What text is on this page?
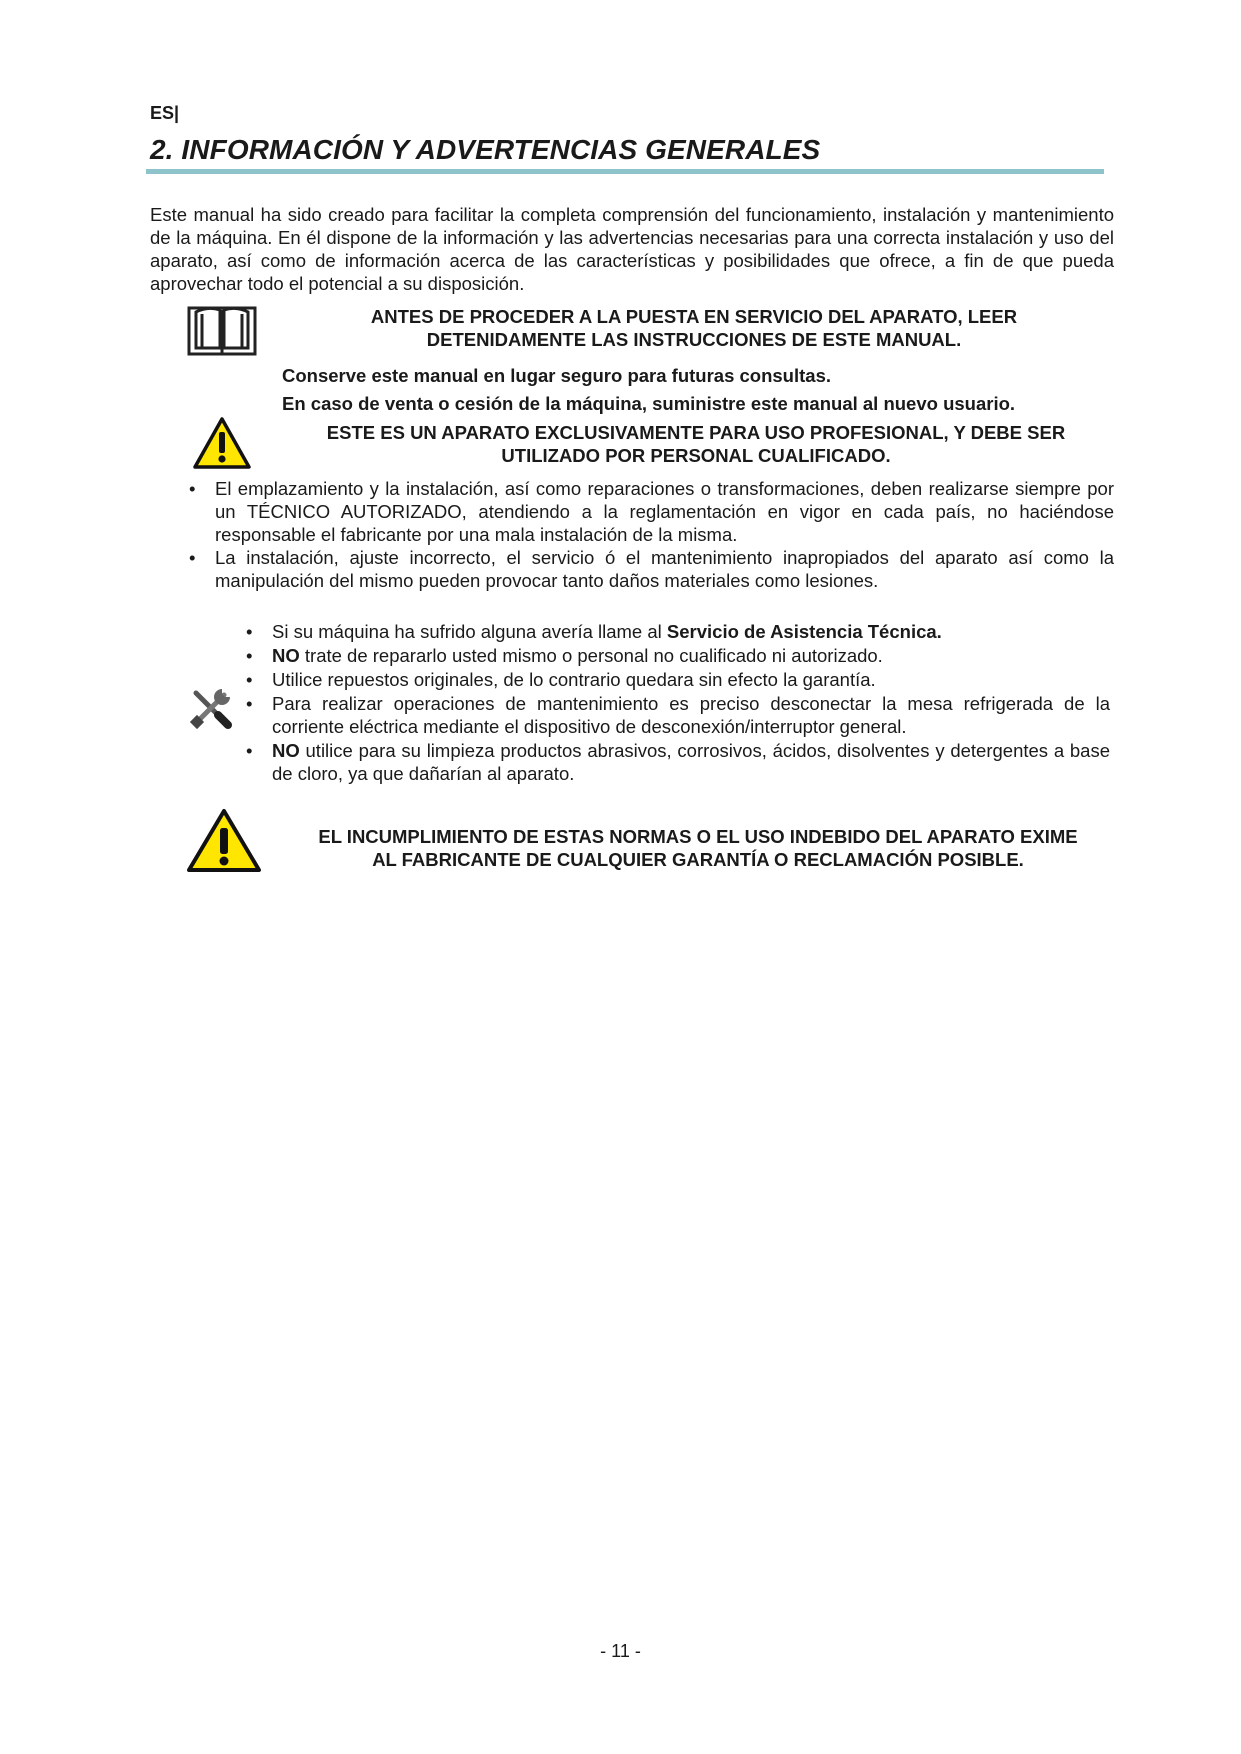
ES|
2. INFORMACIÓN Y ADVERTENCIAS GENERALES
Este manual ha sido creado para facilitar la completa comprensión del funcionamiento, instalación y mantenimiento de la máquina. En él dispone de la información y las advertencias necesarias para una correcta instalación y uso del aparato, así como de información acerca de las características y posibilidades que ofrece, a fin de que pueda aprovechar todo el potencial a su disposición.
ANTES DE PROCEDER A LA PUESTA EN SERVICIO DEL APARATO, LEER
DETENIDAMENTE LAS INSTRUCCIONES DE ESTE MANUAL.
Conserve este manual en lugar seguro para futuras consultas.
En caso de venta o cesión de la máquina, suministre este manual al nuevo usuario.
ESTE ES UN APARATO EXCLUSIVAMENTE PARA USO PROFESIONAL, Y DEBE SER
UTILIZADO POR PERSONAL CUALIFICADO.
• El emplazamiento y la instalación, así como reparaciones o transformaciones, deben realizarse siempre por un TÉCNICO AUTORIZADO, atendiendo a la reglamentación en vigor en cada país, no haciéndose responsable el fabricante por una mala instalación de la misma.
• La instalación, ajuste incorrecto, el servicio ó el mantenimiento inapropiados del aparato así como la manipulación del mismo pueden provocar tanto daños materiales como lesiones.
• Si su máquina ha sufrido alguna avería llame al Servicio de Asistencia Técnica.
• NO trate de repararlo usted mismo o personal no cualificado ni autorizado.
• Utilice repuestos originales, de lo contrario quedara sin efecto la garantía.
• Para realizar operaciones de mantenimiento es preciso desconectar la mesa refrigerada de la corriente eléctrica mediante el dispositivo de desconexión/interruptor general.
• NO utilice para su limpieza productos abrasivos, corrosivos, ácidos, disolventes y detergentes a base de cloro, ya que dañarían al aparato.
EL INCUMPLIMIENTO DE ESTAS NORMAS O EL USO INDEBIDO DEL APARATO EXIME
AL FABRICANTE DE CUALQUIER GARANTÍA O RECLAMACIÓN POSIBLE.
- 11 -
